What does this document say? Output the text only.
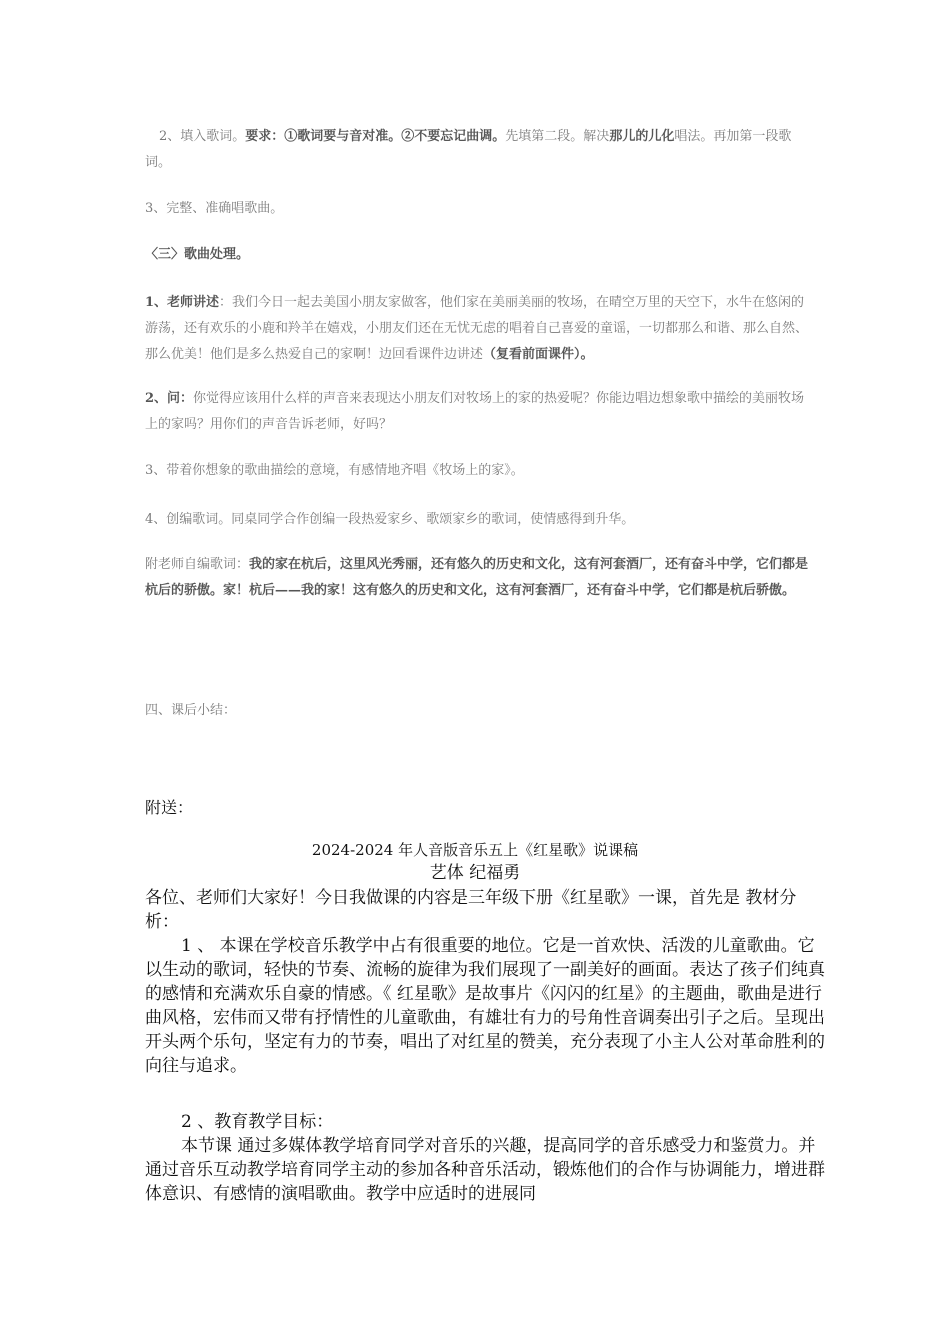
2、填入歌词。要求：①歌词要与音对准。②不要忘记曲调。先填第二段。解决那儿的儿化唱法。再加第一段歌词。

3、完整、准确唱歌曲。

〈三〉歌曲处理。

1、老师讲述：我们今日一起去美国小朋友家做客，他们家在美丽美丽的牧场，在晴空万里的天空下，水牛在悠闲的游荡，还有欢乐的小鹿和羚羊在嬉戏，小朋友们还在无忧无虑的唱着自己喜爱的童谣，一切都那么和谐、那么自然、那么优美！他们是多么热爱自己的家啊！边回看课件边讲述（复看前面课件）。

2、问：你觉得应该用什么样的声音来表现达小朋友们对牧场上的家的热爱呢？你能边唱边想象歌中描绘的美丽牧场上的家吗？用你们的声音告诉老师，好吗？

3、带着你想象的歌曲描绘的意境，有感情地齐唱《牧场上的家》。

4、创编歌词。同桌同学合作创编一段热爱家乡、歌颂家乡的歌词，使情感得到升华。

附老师自编歌词：我的家在杭后，这里风光秀丽，还有悠久的历史和文化，这有河套酒厂，还有奋斗中学，它们都是杭后的骄傲。家！杭后——我的家！这有悠久的历史和文化，这有河套酒厂，还有奋斗中学，它们都是杭后骄傲。

四、课后小结：

附送：

2024-2024 年人音版音乐五上《红星歌》说课稿

艺体 纪福勇

各位、老师们大家好！今日我做课的内容是三年级下册《红星歌》一课，首先是 教材分析：

1 、 本课在学校音乐教学中占有很重要的地位。它是一首欢快、活泼的儿童歌曲。它以生动的歌词，轻快的节奏、流畅的旋律为我们展现了一副美好的画面。表达了孩子们纯真的感情和充满欢乐自豪的情感。《 红星歌》是故事片《闪闪的红星》的主题曲，歌曲是进行曲风格，宏伟而又带有抒情性的儿童歌曲，有雄壮有力的号角性音调奏出引子之后。呈现出开头两个乐句，坚定有力的节奏，唱出了对红星的赞美，充分表现了小主人公对革命胜利的向往与追求。

2 、教育教学目标：

本节课 通过多媒体教学培育同学对音乐的兴趣，提高同学的音乐感受力和鉴赏力。并通过音乐互动教学培育同学主动的参加各种音乐活动，锻炼他们的合作与协调能力，增进群体意识、有感情的演唱歌曲。教学中应适时的进展同
